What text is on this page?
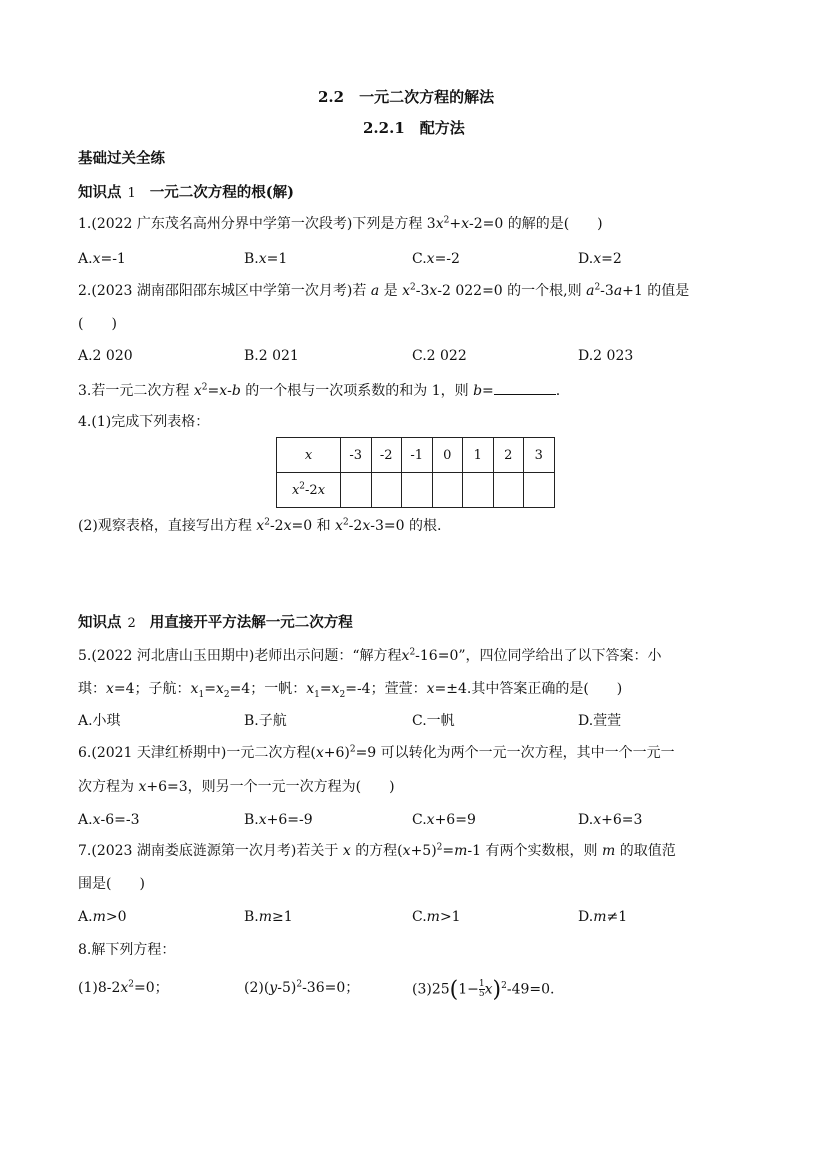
2.2　一元二次方程的解法
2.2.1　配方法
基础过关全练
知识点 1 一元二次方程的根(解)
1.(2022 广东茂名高州分界中学第一次段考)下列是方程 $3x^2+x-2=0$ 的解的是(　　)
A.x=-1	B.x=1	C.x=-2	D.x=2
2.(2023 湖南邵阳邵东城区中学第一次月考)若 a 是 $x^2-3x-2$ 022=0 的一个根,则 $a^2-3a+1$ 的值是
(　　)
A.2 020	B.2 021	C.2 022	D.2 023
3.若一元二次方程 $x^2=x-b$ 的一个根与一次项系数的和为 1，则 b=	.
4.(1)完成下列表格：
x	-3	-2	-1	0	1	2	3
$x^2-2x$							
(2)观察表格，直接写出方程 $x^2-2x=0$ 和 $x^2-2x-3=0$ 的根.
知识点 2 用直接开平方法解一元二次方程
5.(2022 河北唐山玉田期中)老师出示问题：“解方程$x^2-16=0$”，四位同学给出了以下答案：小
琪：x=4；子航：$x_1=x_2=4$；一帆：$x_1=x_2=-4$；萱萱：x=±4.其中答案正确的是(　　)
A.小琪	B.子航	C.一帆	D.萱萱
6.(2021 天津红桥期中)一元二次方程$(x+6)^2=9$ 可以转化为两个一元一次方程，其中一个一元一
次方程为 x+6=3，则另一个一元一次方程为(　　)
A.x-6=-3	B.x+6=-9	C.x+6=9	D.x+6=3
7.(2023 湖南娄底涟源第一次月考)若关于 x 的方程$(x+5)^2=m-1$ 有两个实数根，则 m 的取值范
围是(　　)
A.m>0	B.m≥1	C.m>1	D.m≠1
8.解下列方程：
$(1)8-2x^2=0$；	$(2)(y-5)^2-36=0$；	$(3)25(1- \frac{1}{5} x)^2-49=0$.
